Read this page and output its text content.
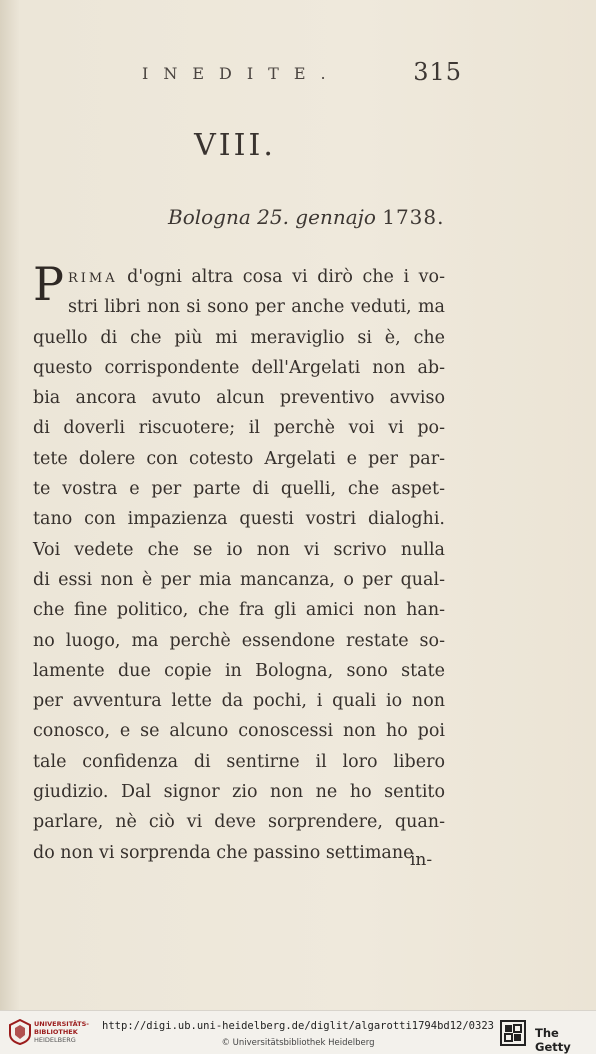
INEDITE.	315
VIII.
Bologna 25. gennajo 1738.
PRIMA d'ogni altra cosa vi dirò che i vo-
stri libri non si sono per anche veduti, ma
quello di che più mi meraviglio si è, che
questo corrispondente dell'Argelati non ab-
bia ancora avuto alcun preventivo avviso
di doverli riscuotere; il perchè voi vi po-
tete dolere con cotesto Argelati e per par-
te vostra e per parte di quelli, che aspet-
tano con impazienza questi vostri dialoghi.
Voi vedete che se io non vi scrivo nulla
di essi non è per mia mancanza, o per qual-
che fine politico, che fra gli amici non han-
no luogo, ma perchè essendone restate so-
lamente due copie in Bologna, sono state
per avventura lette da pochi, i quali io non
conosco, e se alcuno conoscessi non ho poi
tale confidenza di sentirne il loro libero
giudizio. Dal signor zio non ne ho sentito
parlare, nè ciò vi deve sorprendere, quan-
do non vi sorprenda che passino settimane
in-
UNIVERSITÄTS-
BIBLIOTHEK
HEIDELBERG
http://digi.ub.uni-heidelberg.de/diglit/algarotti1794bd12/0323
© Universitätsbibliothek Heidelberg
The Getty
